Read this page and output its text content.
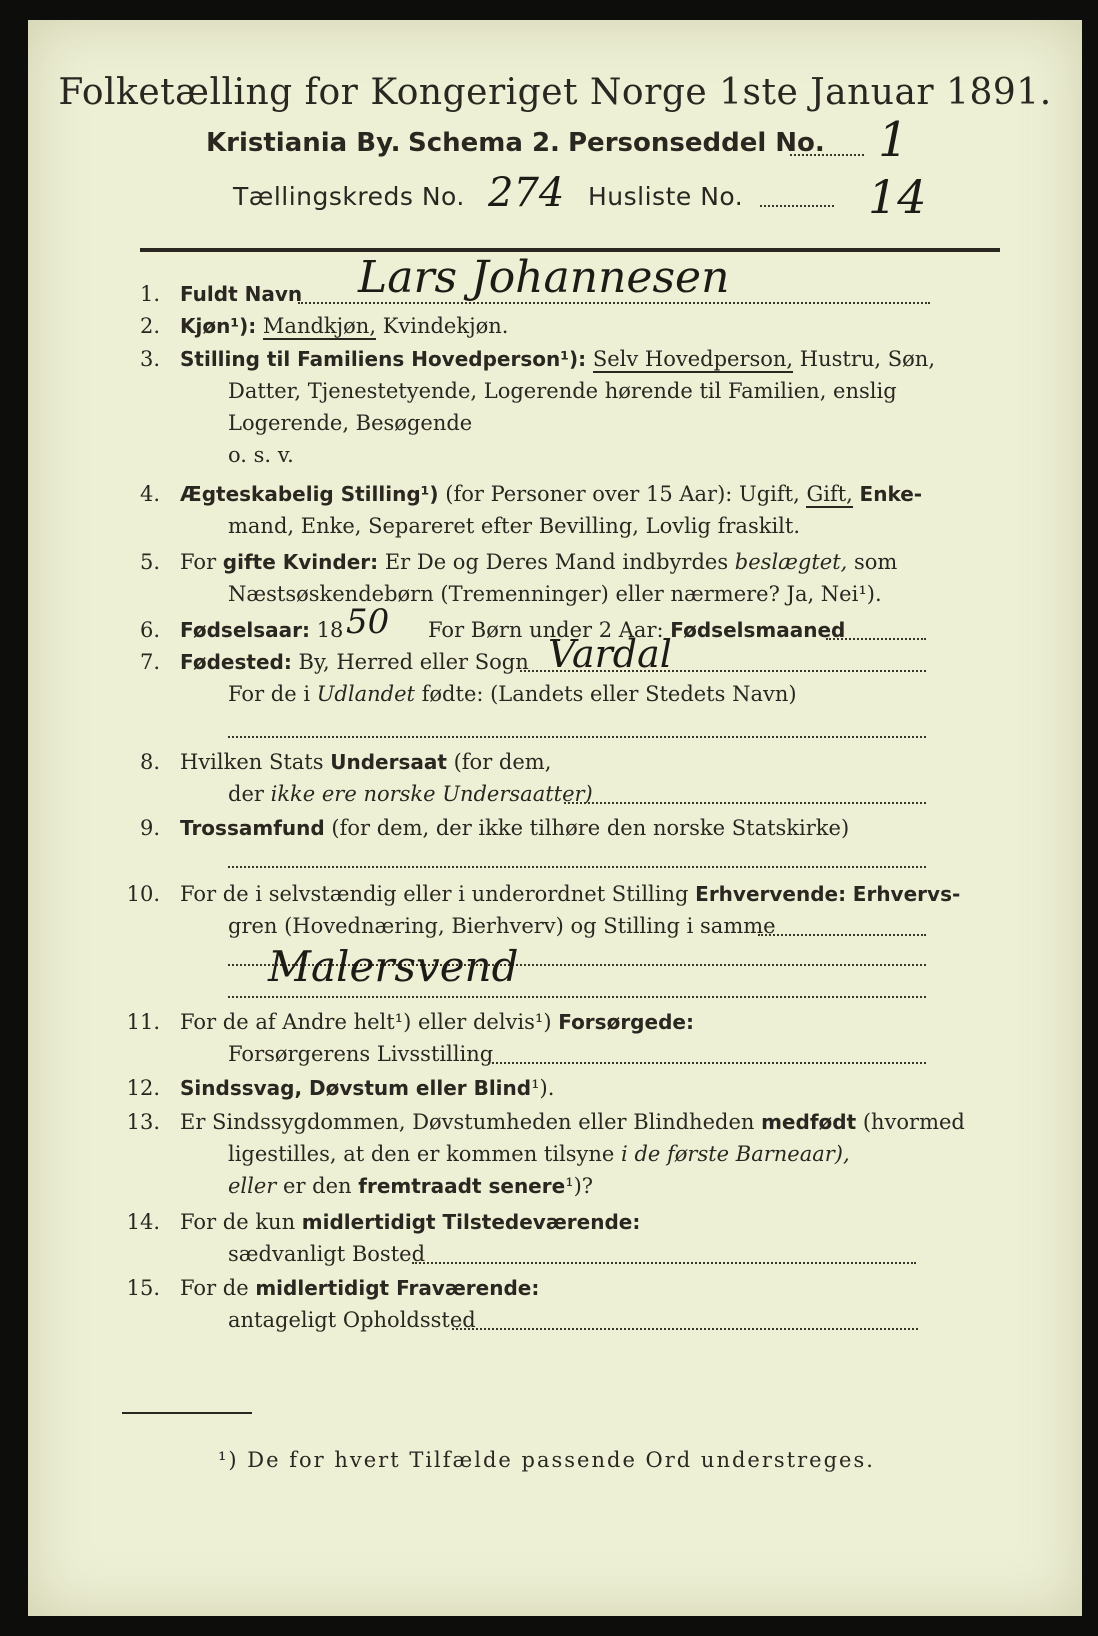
Folketælling for Kongeriget Norge 1ste Januar 1891.
Kristiania By. Schema 2. Personseddel No. 1
Tællingskreds No. 274 Husliste No.	14
1. Fuldt Navn Lars Johannesen
2. Kjøn¹): Mandkjøn, Kvindekjøn.
3. Stilling til Familiens Hovedperson¹): Selv Hovedperson, Hustru, Søn,
Datter, Tjenestetyende, Logerende hørende til Familien, enslig
Logerende, Besøgende
o. s. v.
4. Ægteskabelig Stilling¹) (for Personer over 15 Aar): Ugift, Gift, Enke-
mand, Enke, Separeret efter Bevilling, Lovlig fraskilt.
5. For gifte Kvinder: Er De og Deres Mand indbyrdes beslægtet, som
Næstsøskendebørn (Tremenninger) eller nærmere? Ja, Nei¹).
6. Fødselsaar: 18 50 For Børn under 2 Aar: Fødselsmaaned
7. Fødested: By, Herred eller Sogn Vardal
For de i Udlandet fødte: (Landets eller Stedets Navn)
8. Hvilken Stats Undersaat (for dem,
der ikke ere norske Undersaatter)
9. Trossamfund (for dem, der ikke tilhøre den norske Statskirke)
10. For de i selvstændig eller i underordnet Stilling Erhvervende: Erhvervs-
gren (Hovednæring, Bierhverv) og Stilling i samme
Malersvend
11. For de af Andre helt¹) eller delvis¹) Forsørgede:
Forsørgerens Livsstilling
12. Sindssvag, Døvstum eller Blind¹).
13. Er Sindssygdommen, Døvstumheden eller Blindheden medfødt (hvormed
ligestilles, at den er kommen tilsyne i de første Barneaar),
eller er den fremtraadt senere¹)?
14. For de kun midlertidigt Tilstedeværende:
sædvanligt Bosted
15. For de midlertidigt Fraværende:
antageligt Opholdssted
¹) De for hvert Tilfælde passende Ord understreges.
